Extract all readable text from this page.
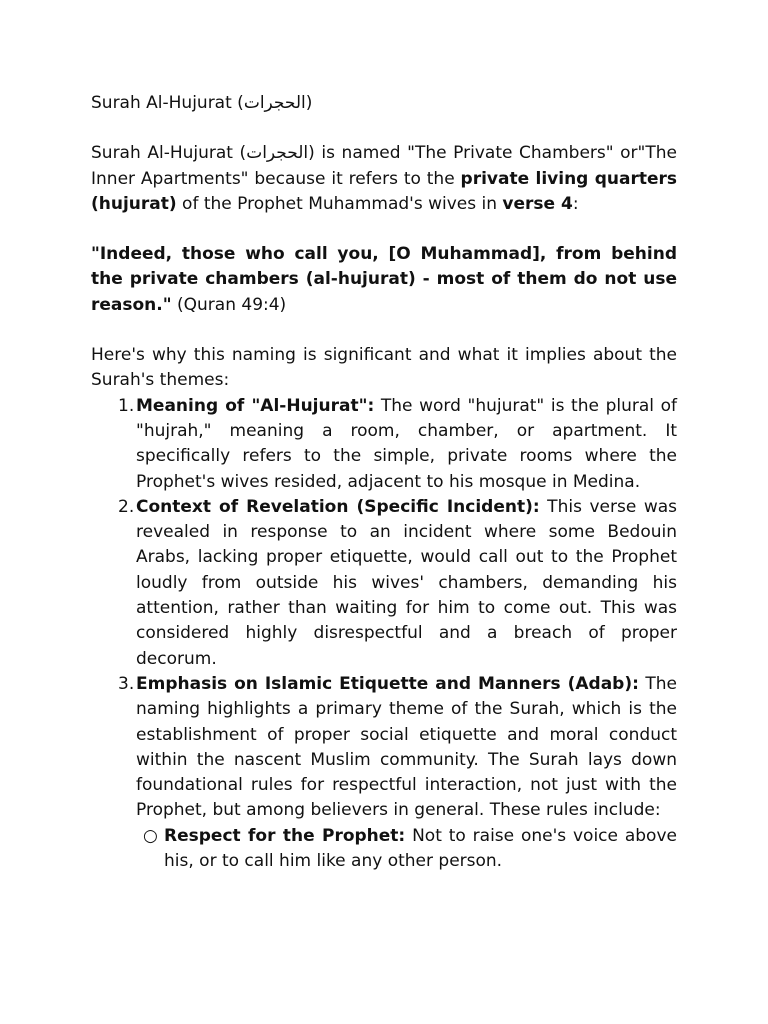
Surah Al-Hujurat (الحجرات)

Surah Al-Hujurat (الحجرات) is named "The Private Chambers" or"The Inner Apartments" because it refers to the private living quarters (hujurat) of the Prophet Muhammad's wives in verse 4:

"Indeed, those who call you, [O Muhammad], from behind the private chambers (al-hujurat) - most of them do not use reason." (Quran 49:4)

Here's why this naming is significant and what it implies about the Surah's themes:

1. Meaning of "Al-Hujurat": The word "hujurat" is the plural of "hujrah," meaning a room, chamber, or apartment. It specifically refers to the simple, private rooms where the Prophet's wives resided, adjacent to his mosque in Medina.
2. Context of Revelation (Specific Incident): This verse was revealed in response to an incident where some Bedouin Arabs, lacking proper etiquette, would call out to the Prophet loudly from outside his wives' chambers, demanding his attention, rather than waiting for him to come out. This was considered highly disrespectful and a breach of proper decorum.
3. Emphasis on Islamic Etiquette and Manners (Adab): The naming highlights a primary theme of the Surah, which is the establishment of proper social etiquette and moral conduct within the nascent Muslim community. The Surah lays down foundational rules for respectful interaction, not just with the Prophet, but among believers in general. These rules include:
○ Respect for the Prophet: Not to raise one's voice above his, or to call him like any other person.
